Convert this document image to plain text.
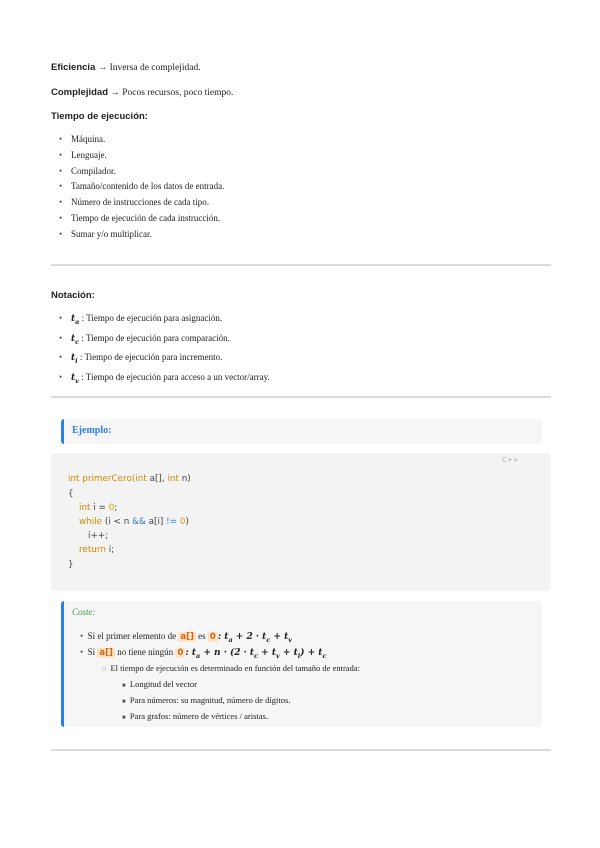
Eficiencia → Inversa de complejidad.
Complejidad → Pocos recursos, poco tiempo.
Tiempo de ejecución:
• Máquina.
• Lenguaje.
• Compilador.
• Tamaño/contenido de los datos de entrada.
• Número de instrucciones de cada tipo.
• Tiempo de ejecución de cada instrucción.
• Sumar y/o multiplicar.
Notación:
• $t_a$ : Tiempo de ejecución para asignación.
• $t_c$ : Tiempo de ejecución para comparación.
• $t_i$ : Tiempo de ejecución para incremento.
• $t_v$ : Tiempo de ejecución para acceso a un vector/array.
Ejemplo:
C++
int primerCero(int a[], int n)
{
int i = 0;
while (i < n && a[i] != 0)
i++;
return i;
}
Coste:
• Si el primer elemento de a[] es 0 : $t_a + 2 \cdot t_c + t_v$
• Si a[] no tiene ningún 0 : $t_a + n \cdot (2 \cdot t_c + t_v + t_i) + t_c$
○ El tiempo de ejecución es determinado en función del tamaño de entrada:
■ Longitud del vector
■ Para números: su magnitud, número de dígitos.
■ Para grafos: número de vértices / aristas.
